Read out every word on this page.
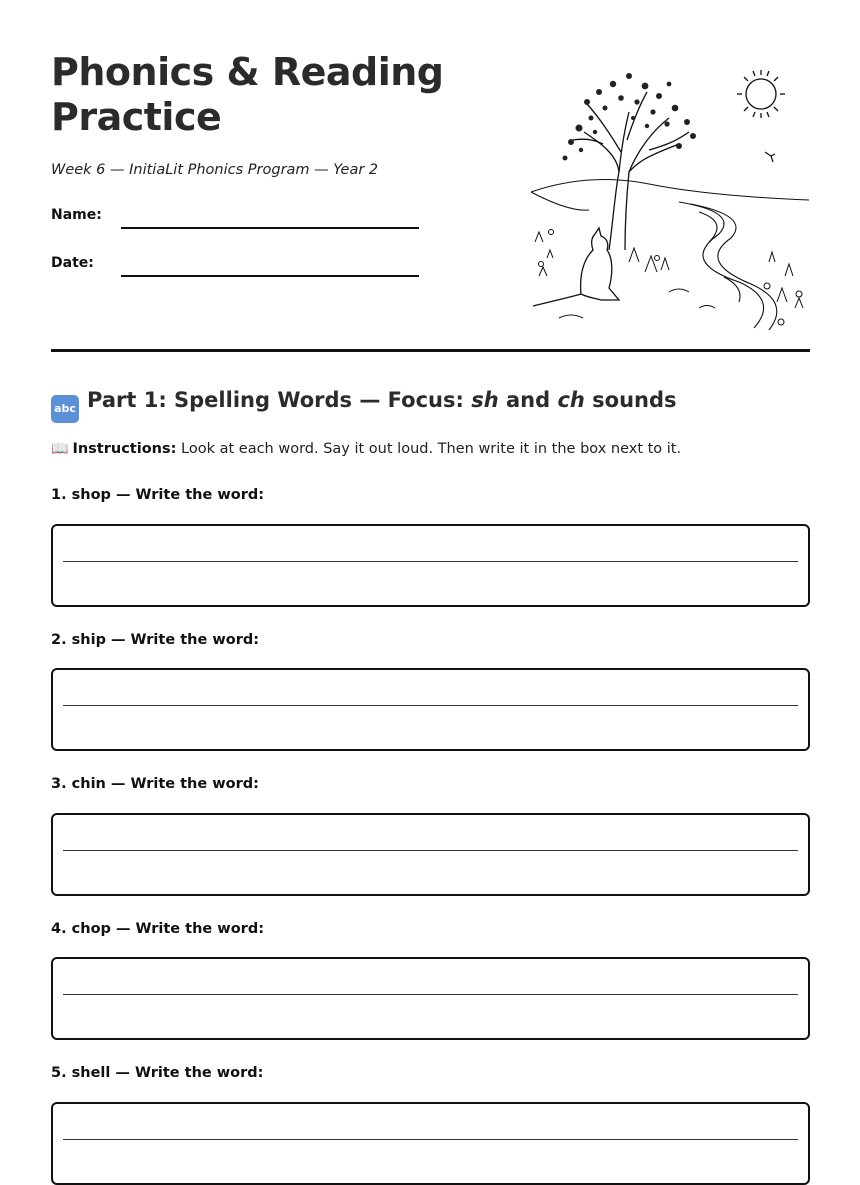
Phonics & Reading
Practice

Week 6 — InitiaLit Phonics Program — Year 2

Name:
Date:
abc Part 1: Spelling Words — Focus: sh and ch sounds
📖 Instructions: Look at each word. Say it out loud. Then write it in the box next to it.
1. shop — Write the word:
2. ship — Write the word:
3. chin — Write the word:
4. chop — Write the word:
5. shell — Write the word:
